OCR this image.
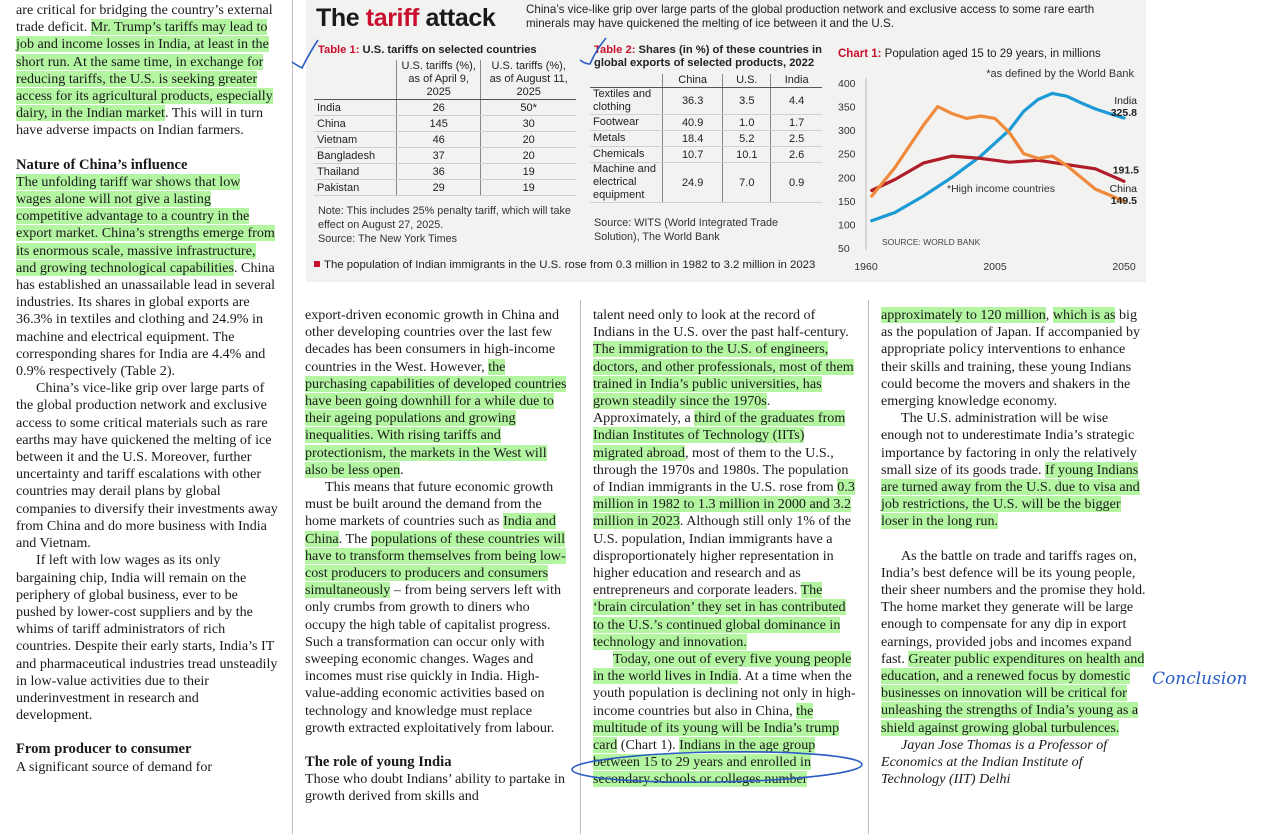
The tariff attack	China’s vice-like grip over large parts of the global production network and exclusive access to some rare earth minerals may have quickened the melting of ice between it and the U.S.
Table 1: U.S. tariffs on selected countries
	U.S. tariffs (%), as of April 9, 2025	U.S. tariffs (%), as of August 11, 2025
India	26	50*
China	145	30
Vietnam	46	20
Bangladesh	37	20
Thailand	36	19
Pakistan	29	19
Note: This includes 25% penalty tariff, which will take effect on August 27, 2025.
Source: The New York Times
Table 2: Shares (in %) of these countries in global exports of selected products, 2022
	China	U.S.	India
Textiles and clothing	36.3	3.5	4.4
Footwear	40.9	1.0	1.7
Metals	18.4	5.2	2.5
Chemicals	10.7	10.1	2.6
Machine and electrical equipment	24.9	7.0	0.9
Source: WITS (World Integrated Trade Solution), The World Bank
Chart 1: Population aged 15 to 29 years, in millions
*as defined by the World Bank
400
350
300
250
200
150
100
50
1960	2005	2050
India
325.8
191.5
China
149.5
*High income countries
SOURCE: WORLD BANK
The population of Indian immigrants in the U.S. rose from 0.3 million in 1982 to 3.2 million in 2023

are critical for bridging the country’s external trade deficit. Mr. Trump’s tariffs may lead to job and income losses in India, at least in the short run. At the same time, in exchange for reducing tariffs, the U.S. is seeking greater access for its agricultural products, especially dairy, in the Indian market. This will in turn have adverse impacts on Indian farmers.

Nature of China’s influence

The unfolding tariff war shows that low wages alone will not give a lasting competitive advantage to a country in the export market. China’s strengths emerge from its enormous scale, massive infrastructure, and growing technological capabilities. China has established an unassailable lead in several industries. Its shares in global exports are 36.3% in textiles and clothing and 24.9% in machine and electrical equipment. The corresponding shares for India are 4.4% and 0.9% respectively (Table 2).

China’s vice-like grip over large parts of the global production network and exclusive access to some critical materials such as rare earths may have quickened the melting of ice between it and the U.S. Moreover, further uncertainty and tariff escalations with other countries may derail plans by global companies to diversify their investments away from China and do more business with India and Vietnam.

If left with low wages as its only bargaining chip, India will remain on the periphery of global business, ever to be pushed by lower-cost suppliers and by the whims of tariff administrators of rich countries. Despite their early starts, India’s IT and pharmaceutical industries tread unsteadily in low-value activities due to their underinvestment in research and development.

From producer to consumer

A significant source of demand for

export-driven economic growth in China and other developing countries over the last few decades has been consumers in high-income countries in the West. However, the purchasing capabilities of developed countries have been going downhill for a while due to their ageing populations and growing inequalities. With rising tariffs and protectionism, the markets in the West will also be less open.

This means that future economic growth must be built around the demand from the home markets of countries such as India and China. The populations of these countries will have to transform themselves from being low-cost producers to producers and consumers simultaneously – from being servers left with only crumbs from growth to diners who occupy the high table of capitalist progress. Such a transformation can occur only with sweeping economic changes. Wages and incomes must rise quickly in India. High-value-adding economic activities based on technology and knowledge must replace growth extracted exploitatively from labour.

The role of young India

Those who doubt Indians’ ability to partake in growth derived from skills and

talent need only to look at the record of Indians in the U.S. over the past half-century. The immigration to the U.S. of engineers, doctors, and other professionals, most of them trained in India’s public universities, has grown steadily since the 1970s. Approximately, a third of the graduates from Indian Institutes of Technology (IITs) migrated abroad, most of them to the U.S., through the 1970s and 1980s. The population of Indian immigrants in the U.S. rose from 0.3 million in 1982 to 1.3 million in 2000 and 3.2 million in 2023. Although still only 1% of the U.S. population, Indian immigrants have a disproportionately higher representation in higher education and research and as entrepreneurs and corporate leaders. The ‘brain circulation’ they set in has contributed to the U.S.’s continued global dominance in technology and innovation.

Today, one out of every five young people in the world lives in India. At a time when the youth population is declining not only in high-income countries but also in China, the multitude of its young will be India’s trump card (Chart 1). Indians in the age group between 15 to 29 years and enrolled in secondary schools or colleges number

approximately to 120 million, which is as big as the population of Japan. If accompanied by appropriate policy interventions to enhance their skills and training, these young Indians could become the movers and shakers in the emerging knowledge economy.

The U.S. administration will be wise enough not to underestimate India’s strategic importance by factoring in only the relatively small size of its goods trade. If young Indians are turned away from the U.S. due to visa and job restrictions, the U.S. will be the bigger loser in the long run.

As the battle on trade and tariffs rages on, India’s best defence will be its young people, their sheer numbers and the promise they hold. The home market they generate will be large enough to compensate for any dip in export earnings, provided jobs and incomes expand fast. Greater public expenditures on health and education, and a renewed focus by domestic businesses on innovation will be critical for unleashing the strengths of India’s young as a shield against growing global turbulences.

Jayan Jose Thomas is a Professor of Economics at the Indian Institute of Technology (IIT) Delhi

Conclusion
